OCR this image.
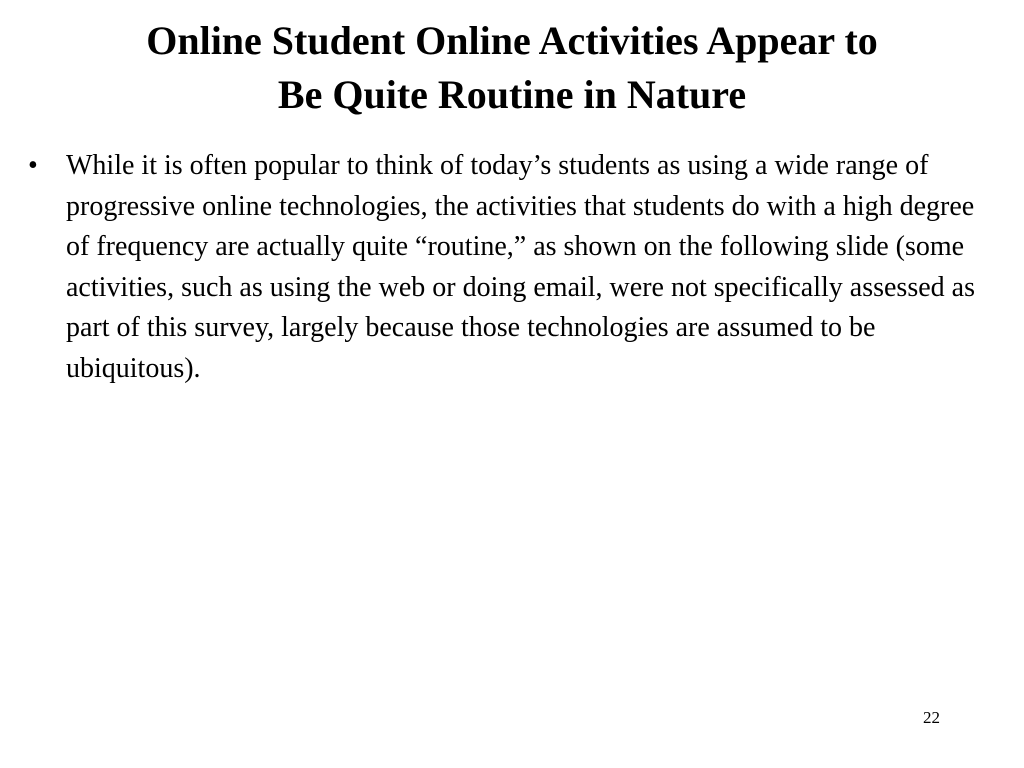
Online Student Online Activities Appear to
Be Quite Routine in Nature
• While it is often popular to think of today’s students as using a wide range of progressive online technologies, the activities that students do with a high degree of frequency are actually quite “routine,” as shown on the following slide (some activities, such as using the web or doing email, were not specifically assessed as part of this survey, largely because those technologies are assumed to be ubiquitous).
22
